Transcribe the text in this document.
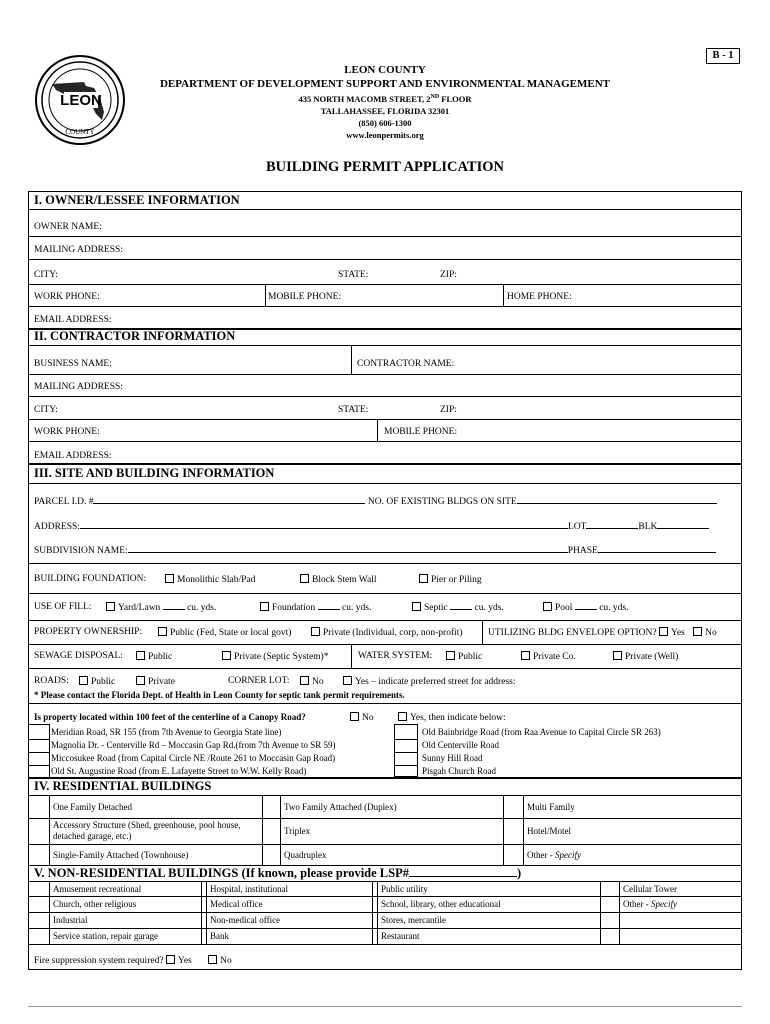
B - 1
LEON
COUNTY
LEON COUNTY
DEPARTMENT OF DEVELOPMENT SUPPORT AND ENVIRONMENTAL MANAGEMENT
435 NORTH MACOMB STREET, 2ND FLOOR
TALLAHASSEE, FLORIDA 32301
(850) 606-1300
www.leonpermits.org
BUILDING PERMIT APPLICATION
I. OWNER/LESSEE INFORMATION
OWNER NAME:
MAILING ADDRESS:
CITY:	STATE:	ZIP:
WORK PHONE:	MOBILE PHONE:	HOME PHONE:
EMAIL ADDRESS:
II. CONTRACTOR INFORMATION
BUSINESS NAME:	CONTRACTOR NAME:
MAILING ADDRESS:
CITY:	STATE:	ZIP:
WORK PHONE:	MOBILE PHONE:
EMAIL ADDRESS:
III. SITE AND BUILDING INFORMATION
PARCEL I.D. #	NO. OF EXISTING BLDGS ON SITE
ADDRESS:	LOT	BLK
SUBDIVISION NAME:	PHASE
BUILDING FOUNDATION:	Monolithic Slab/Pad	Block Stem Wall	Pier or Piling
USE OF FILL:	Yard/Lawn	cu. yds.	Foundation	cu. yds.	Septic	cu. yds.	Pool	cu. yds.
PROPERTY OWNERSHIP:	Public (Fed, State or local govt)	Private (Individual, corp, non-profit)	UTILIZING BLDG ENVELOPE OPTION? Yes No
SEWAGE DISPOSAL:	Public	Private (Septic System)*	WATER SYSTEM:	Public	Private Co.	Private (Well)
ROADS:	Public	Private	CORNER LOT:	No	Yes – indicate preferred street for address:
* Please contact the Florida Dept. of Health in Leon County for septic tank permit requirements.
Is property located within 100 feet of the centerline of a Canopy Road?	No	Yes, then indicate below:
Meridian Road, SR 155 (from 7th Avenue to Georgia State line)
Magnolia Dr. - Centerville Rd – Moccasin Gap Rd.(from 7th Avenue to SR 59)
Miccosukee Road (from Capital Circle NE /Route 261 to Moccasin Gap Road)
Old St. Augustine Road (from E. Lafayette Street to W.W. Kelly Road)
Old Bainbridge Road (from Raa Avenue to Capital Circle SR 263)
Old Centerville Road
Sunny Hill Road
Pisgah Church Road
IV. RESIDENTIAL BUILDINGS
One Family Detached	Two Family Attached (Duplex)	Multi Family
Accessory Structure (Shed, greenhouse, pool house, detached garage, etc.)	Triplex	Hotel/Motel
Single-Family Attached (Townhouse)	Quadruplex	Other - Specify
V. NON-RESIDENTIAL BUILDINGS (If known, please provide LSP#	)
Amusement recreational	Hospital, institutional	Public utility	Cellular Tower
Church, other religious	Medical office	School, library, other educational	Other - Specify
Industrial	Non-medical office	Stores, mercantile
Service station, repair garage	Bank	Restaurant
Fire suppression system required? Yes	No
